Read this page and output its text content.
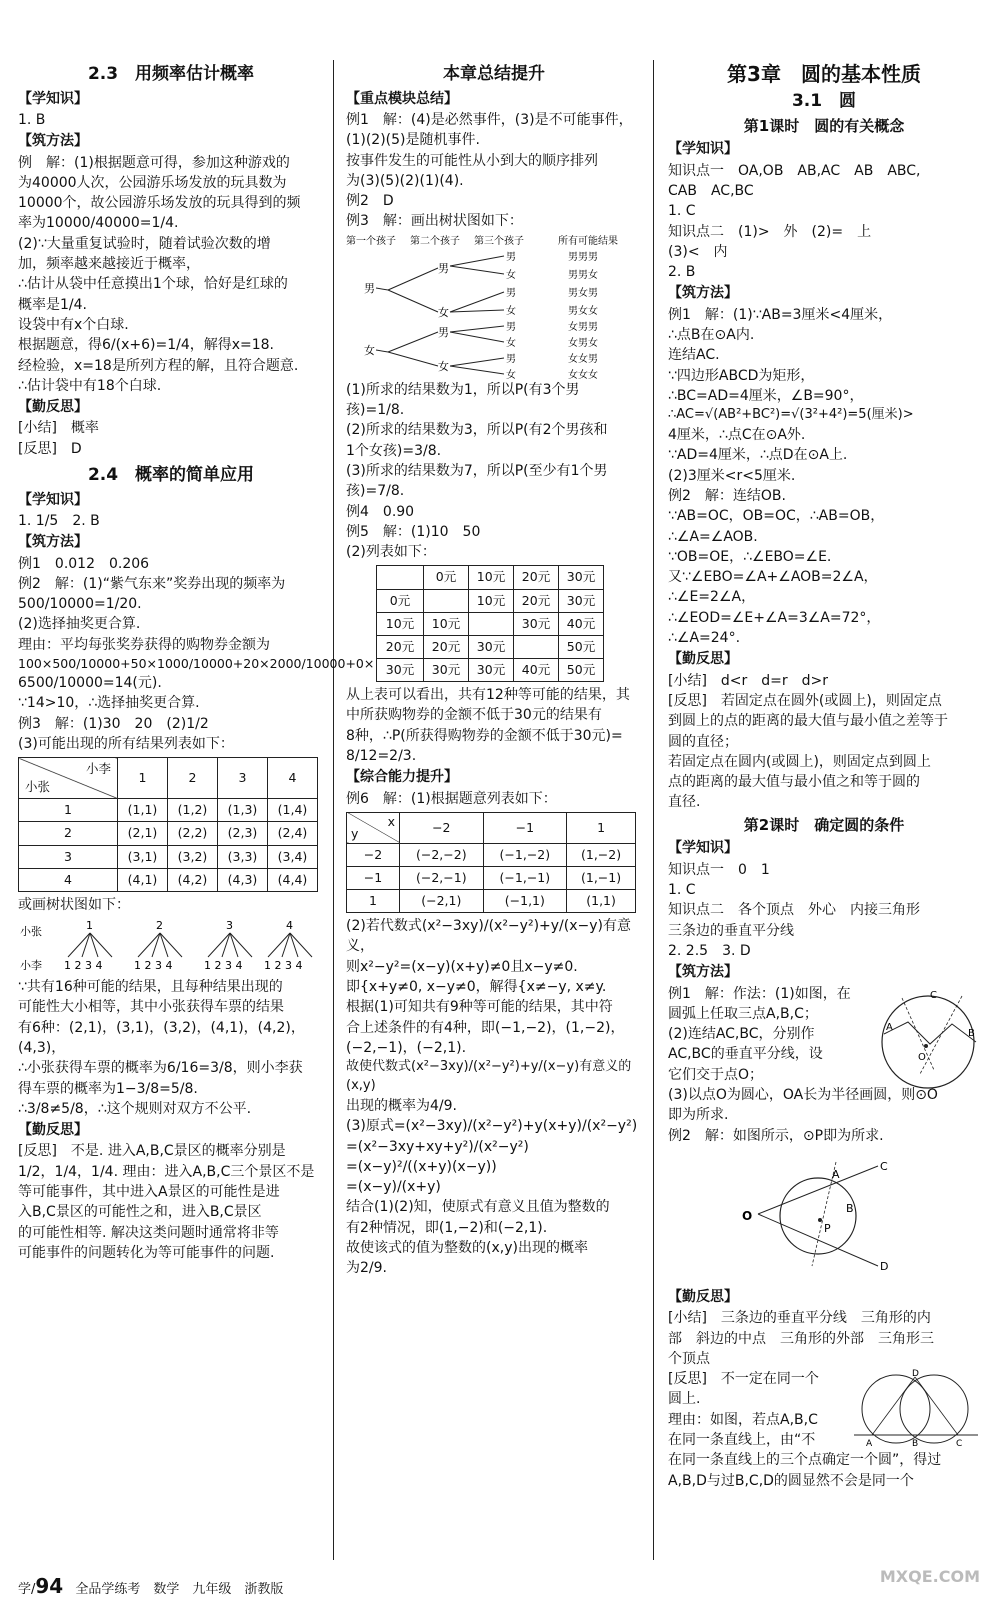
2.3　用频率估计概率
【 学知识 】

1. B

【 筑方法 】

例　解：(1)根据题意可得，参加这种游戏的

为40000人次，公园游乐场发放的玩具数为

10000个，故公园游乐场发放的玩具得到的频

率为10000/40000=1/4.

(2)∵大量重复试验时，随着试验次数的增

加，频率越来越接近于概率，

∴估计从袋中任意摸出1个球，恰好是红球的

概率是1/4.

设袋中有x个白球.

根据题意，得6/(x+6)=1/4，解得x=18.

经检验，x=18是所列方程的解，且符合题意.

∴估计袋中有18个白球.

【 勤反思 】

[小结]　概率

[反思]　D

2.4　概率的简单应用
【 学知识 】

1. 1/5　2. B

【 筑方法 】

例1　0.012　0.206

例2　解：(1)“紫气东来”奖券出现的频率为

500/10000=1/20.

(2)选择抽奖更合算.

理由：平均每张奖券获得的购物券金额为

100×500/10000+50×1000/10000+20×2000/10000+0×

6500/10000=14(元).

∵14>10，∴选择抽奖更合算.

例3　解：(1)30　20　(2)1/2

(3)可能出现的所有结果列表如下：

小李
小张	1	2	3	4
1	(1,1)	(1,2)	(1,3)	(1,4)
2	(2,1)	(2,2)	(2,3)	(2,4)
3	(3,1)	(3,2)	(3,3)	(3,4)
4	(4,1)	(4,2)	(4,3)	(4,4)

或画树状图如下：

小张
小李
1	2	3	4
1 2 3 4	1 2 3 4	1 2 3 4 1 2 3 4

∵共有16种可能的结果，且每种结果出现的

可能性大小相等，其中小张获得车票的结果

有6种：(2,1)，(3,1)，(3,2)，(4,1)，(4,2)，

(4,3)，

∴小张获得车票的概率为6/16=3/8，则小李获

得车票的概率为1−3/8=5/8.

∴3/8≠5/8，∴这个规则对双方不公平.

【 勤反思 】

[反思]　不是. 进入A,B,C景区的概率分别是

1/2，1/4，1/4. 理由：进入A,B,C三个景区不是

等可能事件，其中进入A景区的可能性是进

入B,C景区的可能性之和，进入B,C景区

的可能性相等. 解决这类问题时通常将非等

可能事件的问题转化为等可能事件的问题.

本章总结提升
【 重点模块总结 】

例1　解：(4)是必然事件，(3)是不可能事件，

(1)(2)(5)是随机事件.

按事件发生的可能性从小到大的顺序排列

为(3)(5)(2)(1)(4).

例2　D

例3　解：画出树状图如下：

第一个孩子 第二个孩子 第三个孩子	所有可能结果
男
女
男
女
男
女
男
女
男
女
男
女
男
女
男男男
男男女
男女男
男女女
女男男
女男女
女女男
女女女

(1)所求的结果数为1，所以P(有3个男

孩)=1/8.

(2)所求的结果数为3，所以P(有2个男孩和

1个女孩)=3/8.

(3)所求的结果数为7，所以P(至少有1个男

孩)=7/8.

例4　0.90

例5　解：(1)10　50

(2)列表如下：

	0元	10元	20元	30元
0元		10元	20元	30元
10元	10元		30元	40元
20元	20元	30元		50元
30元	30元	30元	40元	50元

从上表可以看出，共有12种等可能的结果，其

中所获购物券的金额不低于30元的结果有

8种，∴P(所获得购物券的金额不低于30元)=

8/12=2/3.

【 综合能力提升 】

例6　解：(1)根据题意列表如下：

x
y	−2	−1	1
−2	(−2,−2)	(−1,−2)	(1,−2)
−1	(−2,−1)	(−1,−1)	(1,−1)
1	(−2,1)	(−1,1)	(1,1)

(2)若代数式(x²−3xy)/(x²−y²)+y/(x−y)有意义，

则x²−y²=(x−y)(x+y)≠0且x−y≠0.

即{x+y≠0, x−y≠0，解得{x≠−y, x≠y.

根据(1)可知共有9种等可能的结果，其中符

合上述条件的有4种，即(−1,−2)，(1,−2)，

(−2,−1)，(−2,1).

故使代数式(x²−3xy)/(x²−y²)+y/(x−y)有意义的(x,y)

出现的概率为4/9.

(3)原式=(x²−3xy)/(x²−y²)+y(x+y)/(x²−y²)

=(x²−3xy+xy+y²)/(x²−y²)

=(x−y)²/((x+y)(x−y))

=(x−y)/(x+y)

结合(1)(2)知，使原式有意义且值为整数的

有2种情况，即(1,−2)和(−2,1).

故使该式的值为整数的(x,y)出现的概率

为2/9.

第3章　圆的基本性质
3.1　圆
第1课时　圆的有关概念
【 学知识 】

知识点一　OA,OB　AB,AC　AB　ABC,

CAB　AC,BC

1. C

知识点二　(1)>　外　(2)=　上

(3)<　内

2. B

【 筑方法 】

例1　解：(1)∵AB=3厘米<4厘米，

∴点B在⊙A内.

连结AC.

∵四边形ABCD为矩形，

∴BC=AD=4厘米，∠B=90°，

∴AC=√(AB²+BC²)=√(3²+4²)=5(厘米)>

4厘米，∴点C在⊙A外.

∵AD=4厘米，∴点D在⊙A上.

(2)3厘米<r<5厘米.

例2　解：连结OB.

∵AB=OC，OB=OC，∴AB=OB，

∴∠A=∠AOB.

∵OB=OE，∴∠EBO=∠E.

又∵∠EBO=∠A+∠AOB=2∠A，

∴∠E=2∠A，

∴∠EOD=∠E+∠A=3∠A=72°，

∴∠A=24°.

【 勤反思 】

[小结]　d<r　d=r　d>r

[反思]　若固定点在圆外(或圆上)，则固定点

到圆上的点的距离的最大值与最小值之差等于

圆的直径；

若固定点在圆内(或圆上)，则固定点到圆上

点的距离的最大值与最小值之和等于圆的

直径.

第2课时　确定圆的条件
【 学知识 】

知识点一　0　1

1. C

知识点二　各个顶点　外心　内接三角形

三条边的垂直平分线

2. 2.5　3. D

【 筑方法 】
A
C
B
O

例1　解：作法：(1)如图，在

圆弧上任取三点A,B,C；

(2)连结AC,BC，分别作

AC,BC的垂直平分线，设

它们交于点O；

(3)以点O为圆心，OA长为半径画圆，则⊙O

即为所求.

例2　解：如图所示，⊙P即为所求.

O
C
D
A
B
P
【 勤反思 】

[小结]　三条边的垂直平分线　三角形的内

部　斜边的中点　三角形的外部　三角形三

个顶点

A	B	C
D

[反思]　不一定在同一个

圆上.

理由：如图，若点A,B,C

在同一条直线上，由“不

在同一条直线上的三个点确定一个圆”，得过

A,B,D与过B,C,D的圆显然不会是同一个

学/94 全品学练考　数学　九年级　浙教版
MXQE.COM
